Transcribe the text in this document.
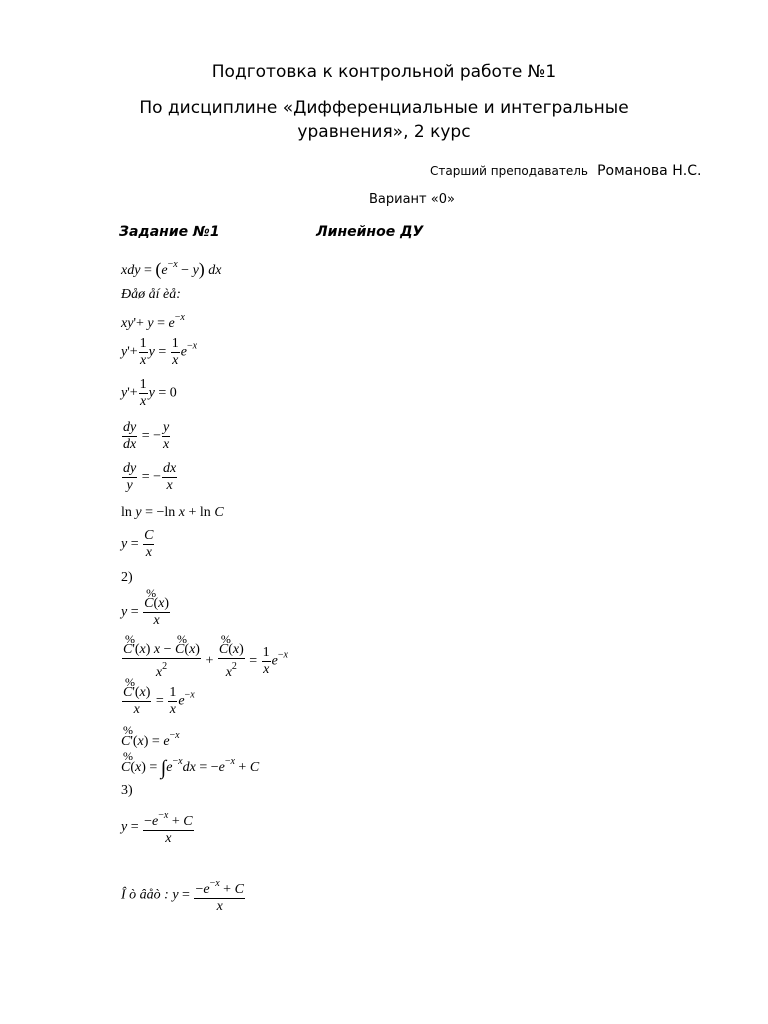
Подготовка к контрольной работе №1
По дисциплине «Дифференциальные и интегральные
уравнения», 2 курс
Старший преподаватель Романова Н.С.
Вариант «0»
Задание №1	Линейное ДУ
xdy = $(e^{-x} - y)$ dx
Ðåø åí èå:
$xy'+ y = e^{-x}$
$y'+ \frac{1}{x}$ $y = \frac{1}{x} e^{-x}$
$y'+ \frac{1}{x}$ y = 0
$\frac{dy}{dx}$ = − $\frac{y}{x}$
$\frac{dy}{y}$ = − $\frac{dx}{x}$
ln y = −ln x + ln C
$y = \frac{C}{x}$
2)
y = % $\frac{C(x)}{x}$
% $\frac{C'(x) x - \% C(x)}{x^2}$ + % $\frac{C(x)}{x^2} = \frac{1}{x} e^{-x}$
% $\frac{C'(x)}{x} = \frac{1}{x} e^{-x}$
% $C'(x) = e^{-x}$
% $C(x) = \int e^{-x}dx = -e^{-x} + C$
3)
$y = \frac{-e^{-x} + C}{x}$
Î ò âåò : $y = \frac{-e^{-x} + C}{x}$
